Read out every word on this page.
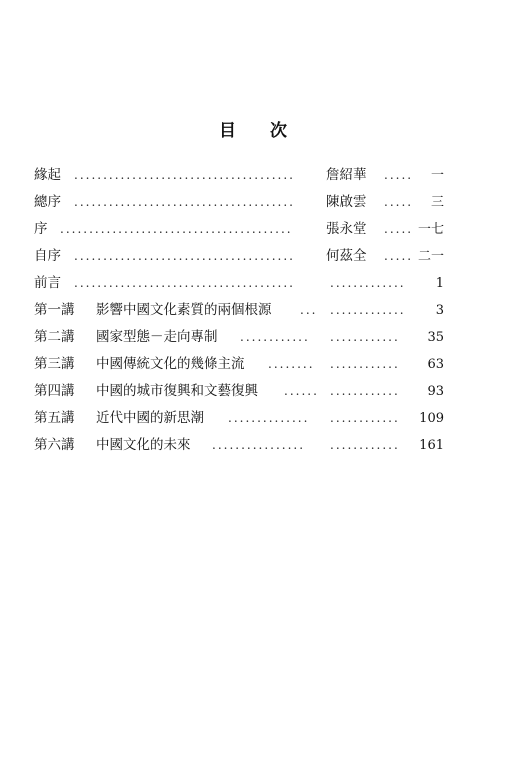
目 次
緣起 ......................................	詹紹華 .....	一
總序 ......................................	陳啟雲 .....	三
序 ........................................	張永堂 ..... 一七
自序 ......................................	何茲全 ..... 二一
前言 ......................................	.............	1
第一講 影響中國文化素質的兩個根源 ...	.............	3
第二講 國家型態－走向專制 ............	............	35
第三講 中國傳統文化的幾條主流 ........	............	63
第四講 中國的城市復興和文藝復興 ...... ............	93
第五講 近代中國的新思潮 ..............	............	109
第六講 中國文化的未來 ................	............	161
